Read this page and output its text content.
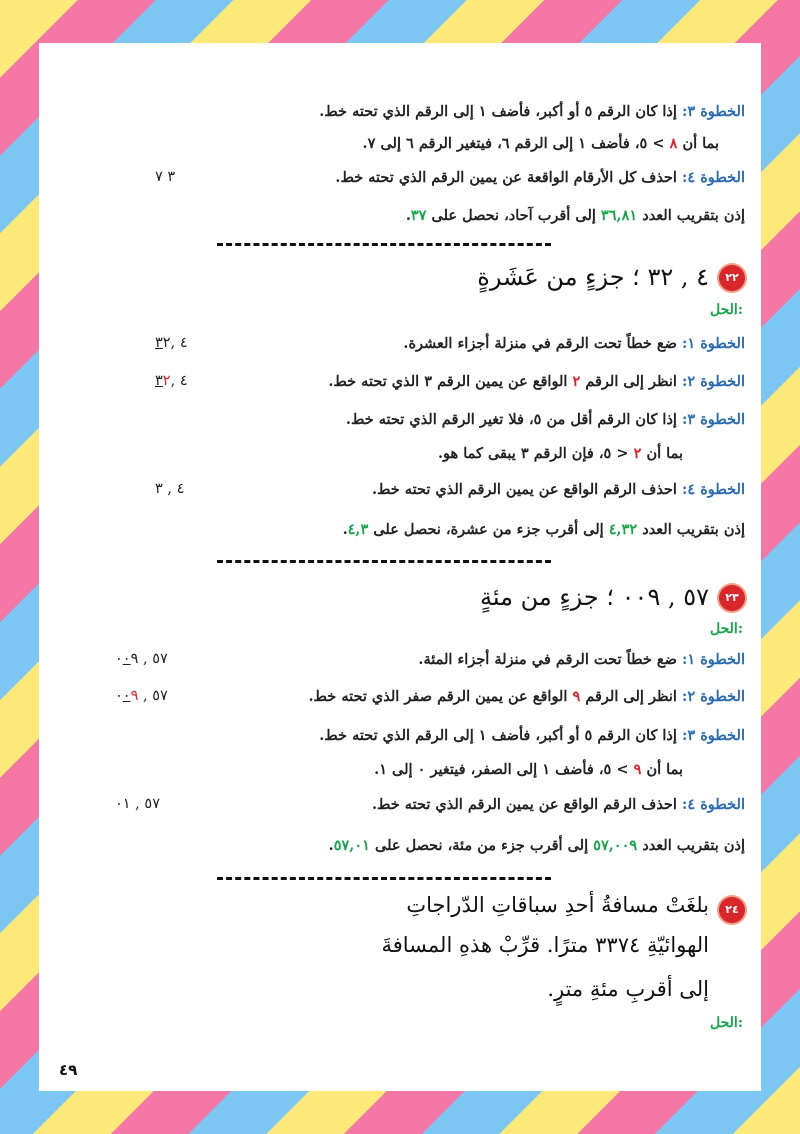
الخطوة ٣: إذا كان الرقم ٥ أو أكبر، فأضف ١ إلى الرقم الذي تحته خط.
بما أن ٨ > ٥، فأضف ١ إلى الرقم ٦، فيتغير الرقم ٦ إلى ٧.
الخطوة ٤: احذف كل الأرقام الواقعة عن يمين الرقم الذي تحته خط.
٣ ٧
إذن بتقريب العدد ٣٦,٨١ إلى أقرب آحاد، نحصل على ٣٧.
٢٢
٤ , ٣٢ ؛ جزءٍ من عَشَرةٍ
الحل:
الخطوة ١: ضع خطاً تحت الرقم في منزلة أجزاء العشرة.
٤ ,٣٢
الخطوة ٢: انظر إلى الرقم ٢ الواقع عن يمين الرقم ٣ الذي تحته خط.
٤ ,٣٢
الخطوة ٣: إذا كان الرقم أقل من ٥، فلا تغير الرقم الذي تحته خط.
بما أن ٢ < ٥، فإن الرقم ٣ يبقى كما هو.
الخطوة ٤: احذف الرقم الواقع عن يمين الرقم الذي تحته خط.
٤ , ٣
إذن بتقريب العدد ٤,٣٢ إلى أقرب جزء من عشرة، نحصل على ٤,٣.
٢٣
٥٧ , ٠٠٩ ؛ جزءٍ من مئةٍ
الحل:
الخطوة ١: ضع خطاً تحت الرقم في منزلة أجزاء المئة.
٥٧ , ٠٠٩
الخطوة ٢: انظر إلى الرقم ٩ الواقع عن يمين الرقم صفر الذي تحته خط.
٥٧ , ٠٠٩
الخطوة ٣: إذا كان الرقم ٥ أو أكبر، فأضف ١ إلى الرقم الذي تحته خط.
بما أن ٩ > ٥، فأضف ١ إلى الصفر، فيتغير ٠ إلى ١.
الخطوة ٤: احذف الرقم الواقع عن يمين الرقم الذي تحته خط.
٥٧ , ٠١
إذن بتقريب العدد ٥٧,٠٠٩ إلى أقرب جزء من مئة، نحصل على ٥٧,٠١.
٢٤
بلغَتْ مسافةُ أحدِ سباقاتِ الدّراجاتِ
الهوائيّةِ ٣٣٧٤ مترًا. قرِّبْ هذهِ المسافةَ
إلى أقربِ مئةِ مترٍ.
الحل:
٤٩
